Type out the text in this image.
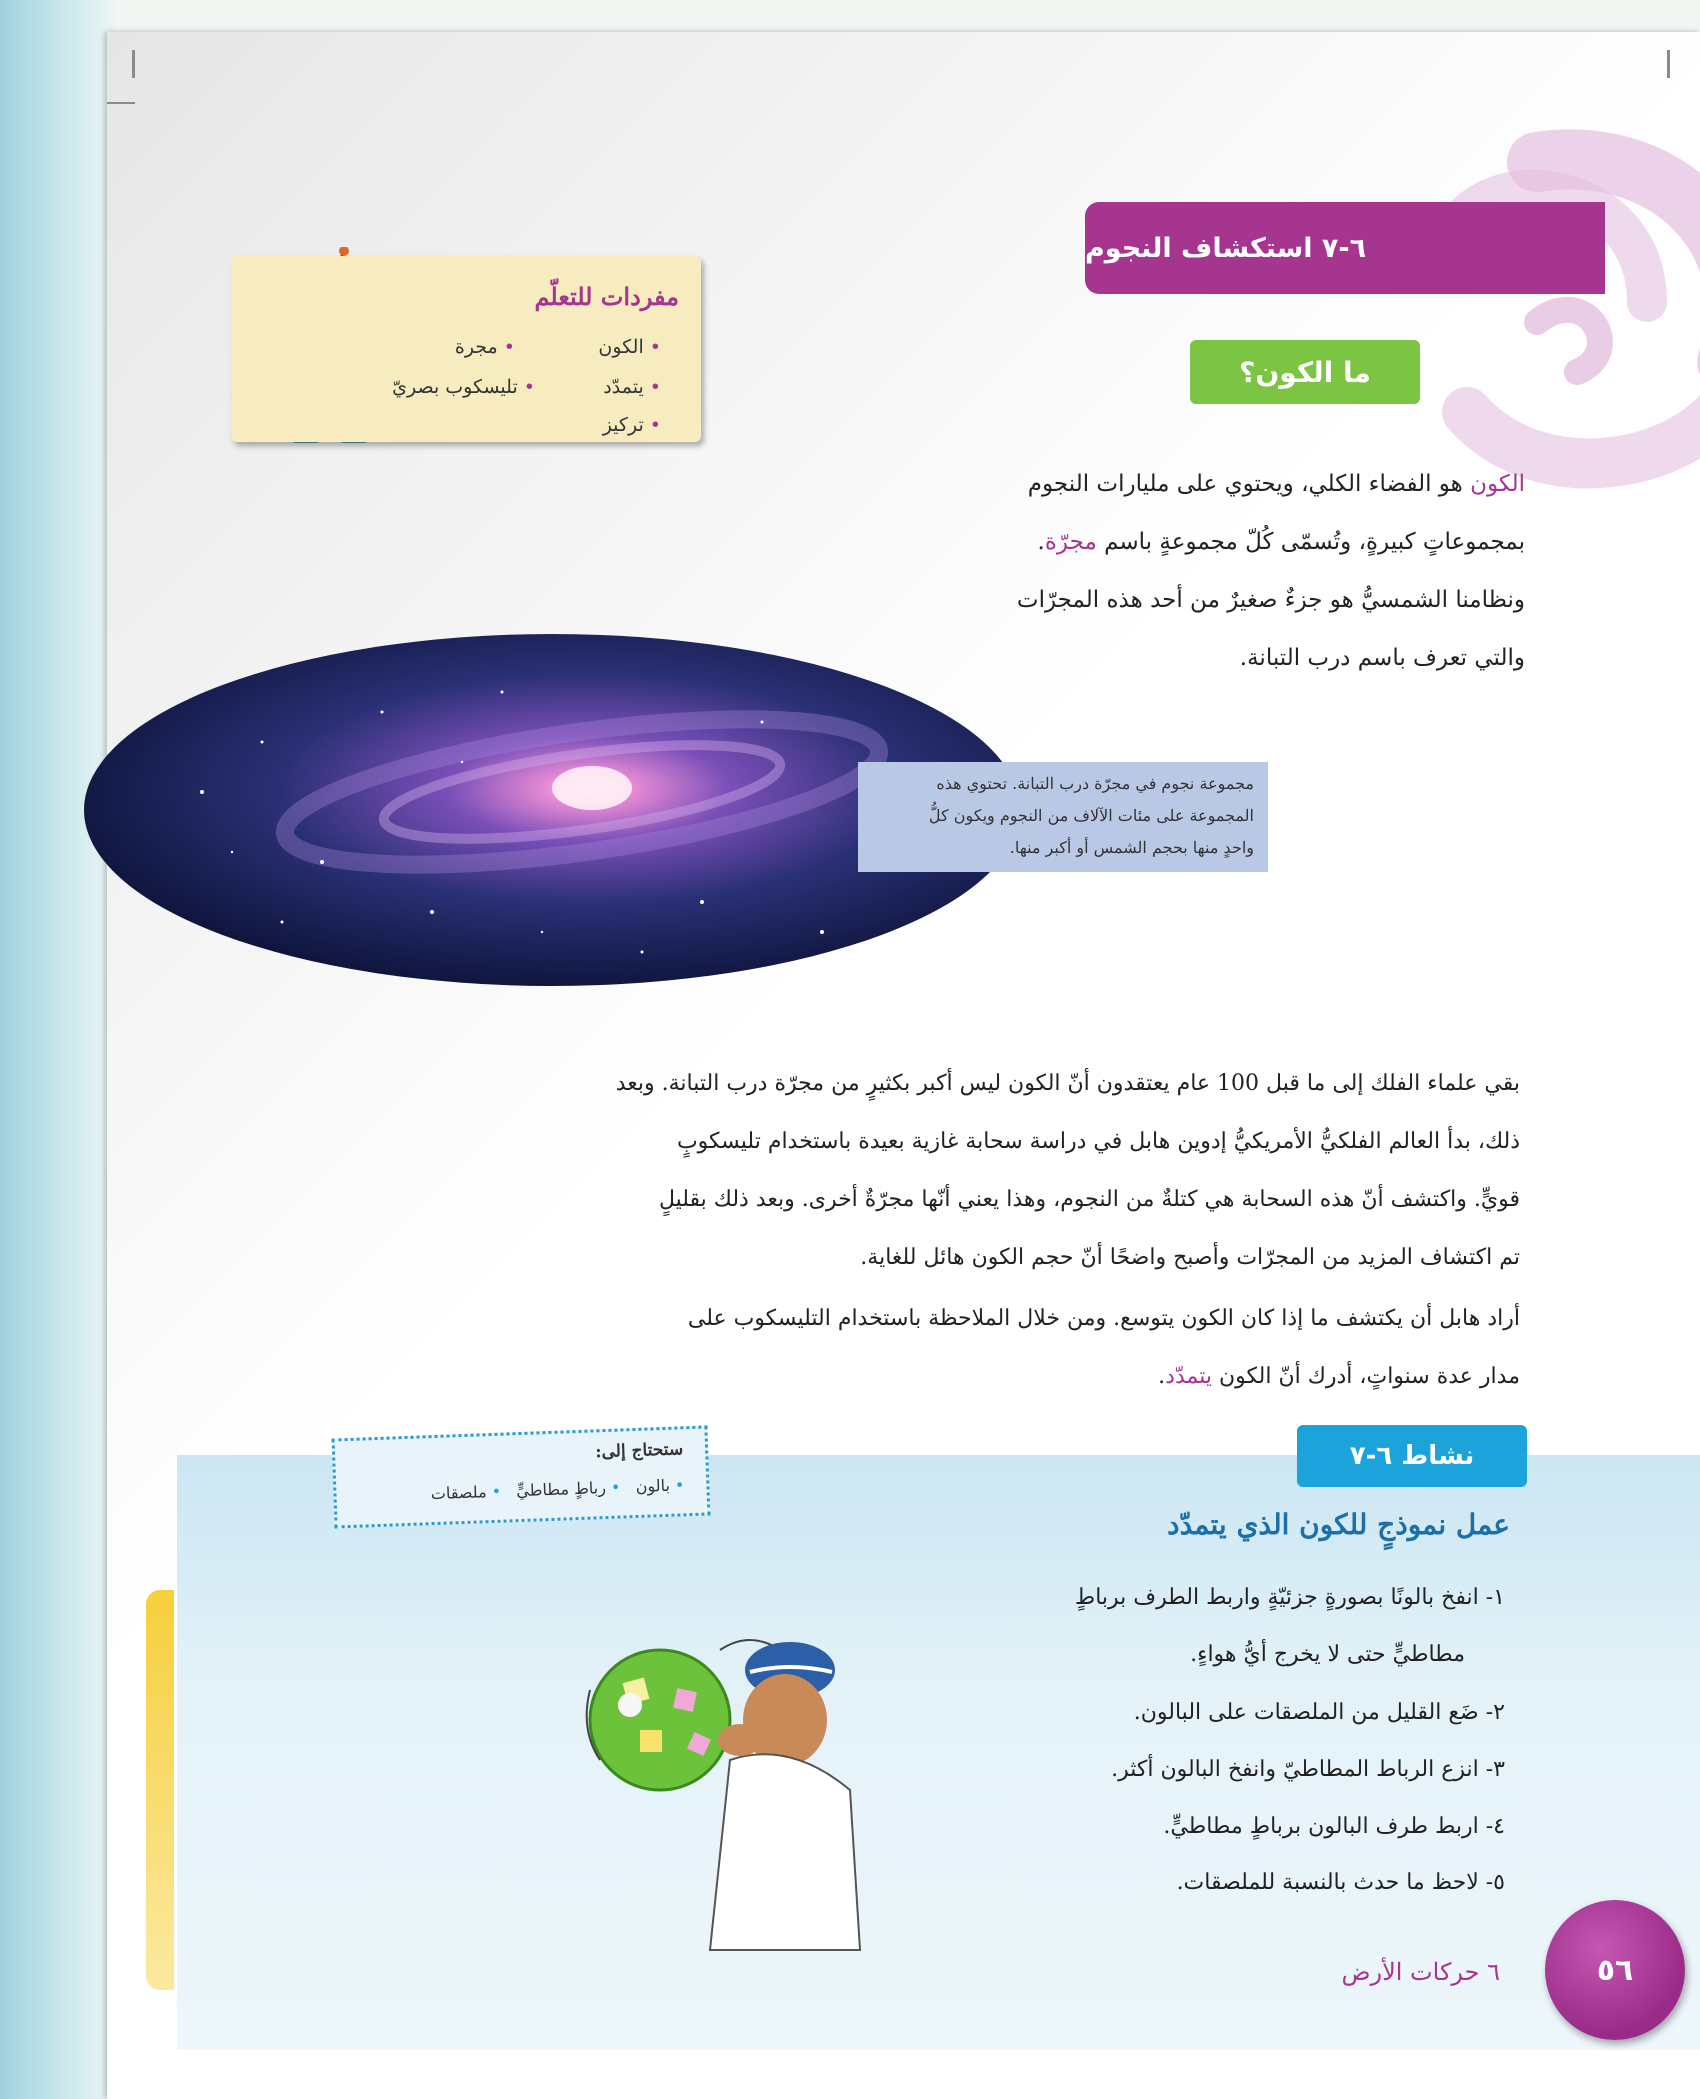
٦-٧ استكشاف النجوم
ما الكون؟
مفردات للتعلّم
• الكون
• مجرة
• يتمدّد
• تليسكوب بصريّ
• تركيز
الكون هو الفضاء الكلي، ويحتوي على مليارات النجوم
بمجموعاتٍ كبيرةٍ، وتُسمّى كُلّ مجموعةٍ باسم مجرّة.
ونظامنا الشمسيُّ هو جزءٌ صغيرٌ من أحد هذه المجرّات
والتي تعرف باسم درب التبانة.
مجموعة نجوم في مجرّة درب التبانة. تحتوي هذه
المجموعة على مئات الآلاف من النجوم ويكون كلُّ
واحدٍ منها بحجم الشمس أو أكبر منها.
بقي علماء الفلك إلى ما قبل 100 عام يعتقدون أنّ الكون ليس أكبر بكثيرٍ من مجرّة درب التبانة. وبعد
ذلك، بدأ العالم الفلكيُّ الأمريكيُّ إدوين هابل في دراسة سحابة غازية بعيدة باستخدام تليسكوبٍ
قويٍّ. واكتشف أنّ هذه السحابة هي كتلةٌ من النجوم، وهذا يعني أنّها مجرّةٌ أخرى. وبعد ذلك بقليلٍ
تم اكتشاف المزيد من المجرّات وأصبح واضحًا أنّ حجم الكون هائل للغاية.
أراد هابل أن يكتشف ما إذا كان الكون يتوسع. ومن خلال الملاحظة باستخدام التليسكوب على
مدار عدة سنواتٍ، أدرك أنّ الكون يتمدّد.
نشاط ٦-٧
ستحتاج إلى:
• بالون   • رباطٍ مطاطيٍّ   • ملصقات
عمل نموذجٍ للكون الذي يتمدّد
١- انفخ بالونًا بصورةٍ جزئيّةٍ واربط الطرف برباطٍ
مطاطيٍّ حتى لا يخرج أيُّ هواءٍ.
٢- ضَع القليل من الملصقات على البالون.
٣- انزع الرباط المطاطيّ وانفخ البالون أكثر.
٤- اربط طرف البالون برباطٍ مطاطيٍّ.
٥- لاحظ ما حدث بالنسبة للملصقات.
٦ حركات الأرض	٥٦
